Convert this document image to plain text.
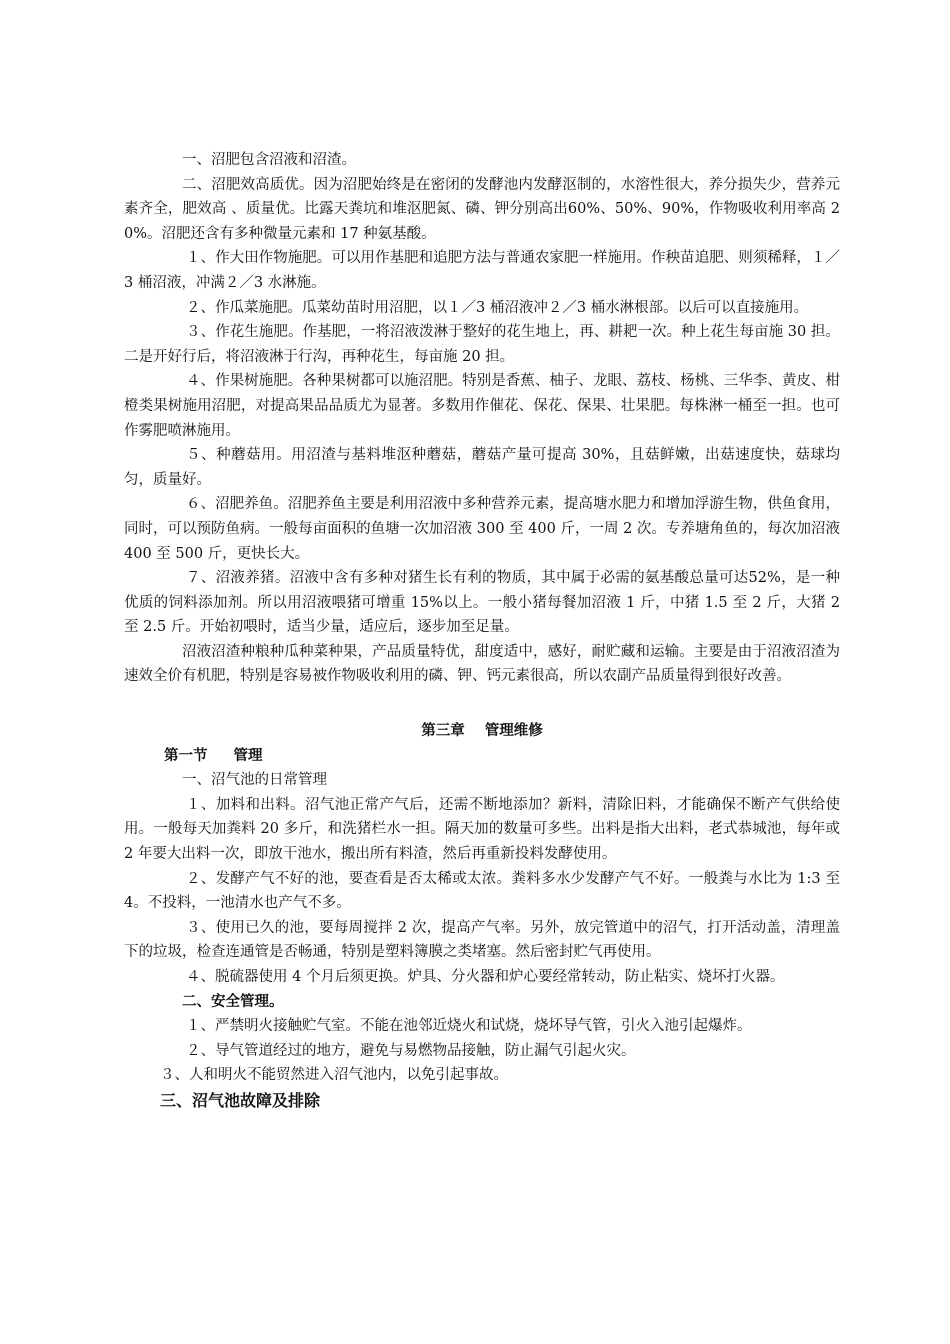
一、沼肥包含沼液和沼渣。

二、沼肥效高质优。因为沼肥始终是在密闭的发酵池内发酵沤制的，水溶性很大，养分损失少，营养元素齐全，肥效高 、质量优。比露天粪坑和堆沤肥氮、磷、钾分别高出60%、50%、90%，作物吸收利用率高 20%。沼肥还含有多种微量元素和 17 种氨基酸。

１、作大田作物施肥。可以用作基肥和追肥方法与普通农家肥一样施用。作秧苗追肥、则须稀释，１／3 桶沼液，冲满２／3 水淋施。

２、作瓜菜施肥。瓜菜幼苗时用沼肥，以１／3 桶沼液冲２／3 桶水淋根部。以后可以直接施用。

３、作花生施肥。作基肥，一将沼液泼淋于整好的花生地上，再、耕耙一次。种上花生每亩施 30 担。二是开好行后，将沼液淋于行沟，再种花生，每亩施 20 担。

４、作果树施肥。各种果树都可以施沼肥。特别是香蕉、柚子、龙眼、荔枝、杨桃、三华李、黄皮、柑橙类果树施用沼肥，对提高果品品质尤为显著。多数用作催花、保花、保果、壮果肥。每株淋一桶至一担。也可作雾肥喷淋施用。

５、种蘑菇用。用沼渣与基料堆沤种蘑菇，蘑菇产量可提高 30%，且菇鲜嫩，出菇速度快，菇球均匀，质量好。

６、沼肥养鱼。沼肥养鱼主要是利用沼液中多种营养元素，提高塘水肥力和增加浮游生物，供鱼食用，同时，可以预防鱼病。一般每亩面积的鱼塘一次加沼液 300 至 400 斤，一周 2 次。专养塘角鱼的，每次加沼液 400 至 500 斤，更快长大。

７、沼液养猪。沼液中含有多种对猪生长有利的物质，其中属于必需的氨基酸总量可达52%，是一种优质的饲料添加剂。所以用沼液喂猪可增重 15%以上。一般小猪每餐加沼液 1 斤，中猪 1.5 至 2 斤，大猪 2 至 2.5 斤。开始初喂时，适当少量，适应后，逐步加至足量。

沼液沼渣种粮种瓜种菜种果，产品质量特优，甜度适中，感好，耐贮藏和运输。主要是由于沼液沼渣为速效全价有机肥，特别是容易被作物吸收利用的磷、钾、钙元素很高，所以农副产品质量得到很好改善。

第三章 管理维修

第一节 管理

一、沼气池的日常管理

１、加料和出料。沼气池正常产气后，还需不断地添加？新料，清除旧料，才能确保不断产气供给使用。一般每天加粪料 20 多斤，和洗猪栏水一担。隔天加的数量可多些。出料是指大出料，老式恭城池，每年或 2 年要大出料一次，即放干池水，搬出所有料渣，然后再重新投料发酵使用。

２、发酵产气不好的池，要查看是否太稀或太浓。粪料多水少发酵产气不好。一般粪与水比为 1:3 至 4。不投料，一池清水也产气不多。

３、使用已久的池，要每周搅拌 2 次，提高产气率。另外，放完管道中的沼气，打开活动盖，清理盖下的垃圾，检查连通管是否畅通，特别是塑料簿膜之类堵塞。然后密封贮气再使用。

４、脱硫器使用 4 个月后须更换。炉具、分火器和炉心要经常转动，防止粘实、烧坏打火器。

二、安全管理。

１、严禁明火接触贮气室。不能在池邻近烧火和试烧，烧坏导气管，引火入池引起爆炸。

２、导气管道经过的地方，避免与易燃物品接触，防止漏气引起火灾。

３、人和明火不能贸然进入沼气池内，以免引起事故。

三、沼气池故障及排除
